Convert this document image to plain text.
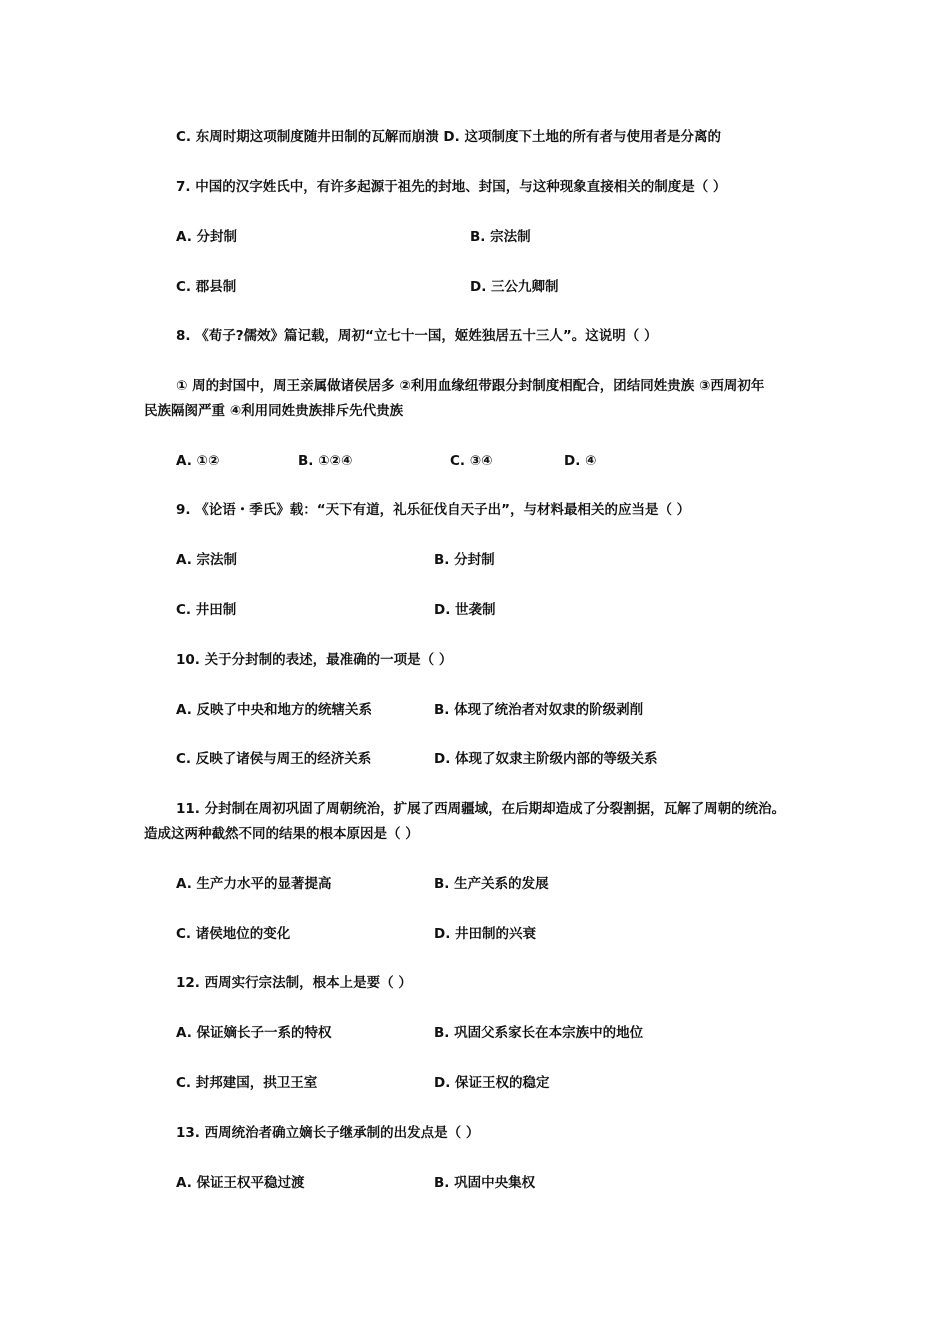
C. 东周时期这项制度随井田制的瓦解而崩溃 D. 这项制度下土地的所有者与使用者是分离的
7. 中国的汉字姓氏中，有许多起源于祖先的封地、封国，与这种现象直接相关的制度是（ ）
A. 分封制	B. 宗法制
C. 郡县制	D. 三公九卿制
8. 《荀子?儒效》篇记载，周初“立七十一国，姬姓独居五十三人”。这说明（ ）
① 周的封国中，周王亲属做诸侯居多 ②利用血缘纽带跟分封制度相配合，团结同姓贵族 ③西周初年
民族隔阂严重 ④利用同姓贵族排斥先代贵族
A. ①②	B. ①②④	C. ③④	D. ④
9. 《论语・季氏》载：“天下有道，礼乐征伐自天子出”，与材料最相关的应当是（ ）
A. 宗法制	B. 分封制
C. 井田制	D. 世袭制
10. 关于分封制的表述，最准确的一项是（ ）
A. 反映了中央和地方的统辖关系	B. 体现了统治者对奴隶的阶级剥削
C. 反映了诸侯与周王的经济关系	D. 体现了奴隶主阶级内部的等级关系
11. 分封制在周初巩固了周朝统治，扩展了西周疆域，在后期却造成了分裂割据，瓦解了周朝的统治。
造成这两种截然不同的结果的根本原因是（ ）
A. 生产力水平的显著提高	B. 生产关系的发展
C. 诸侯地位的变化	D. 井田制的兴衰
12. 西周实行宗法制，根本上是要（ ）
A. 保证嫡长子一系的特权	B. 巩固父系家长在本宗族中的地位
C. 封邦建国，拱卫王室	D. 保证王权的稳定
13. 西周统治者确立嫡长子继承制的出发点是（ ）
A. 保证王权平稳过渡	B. 巩固中央集权
